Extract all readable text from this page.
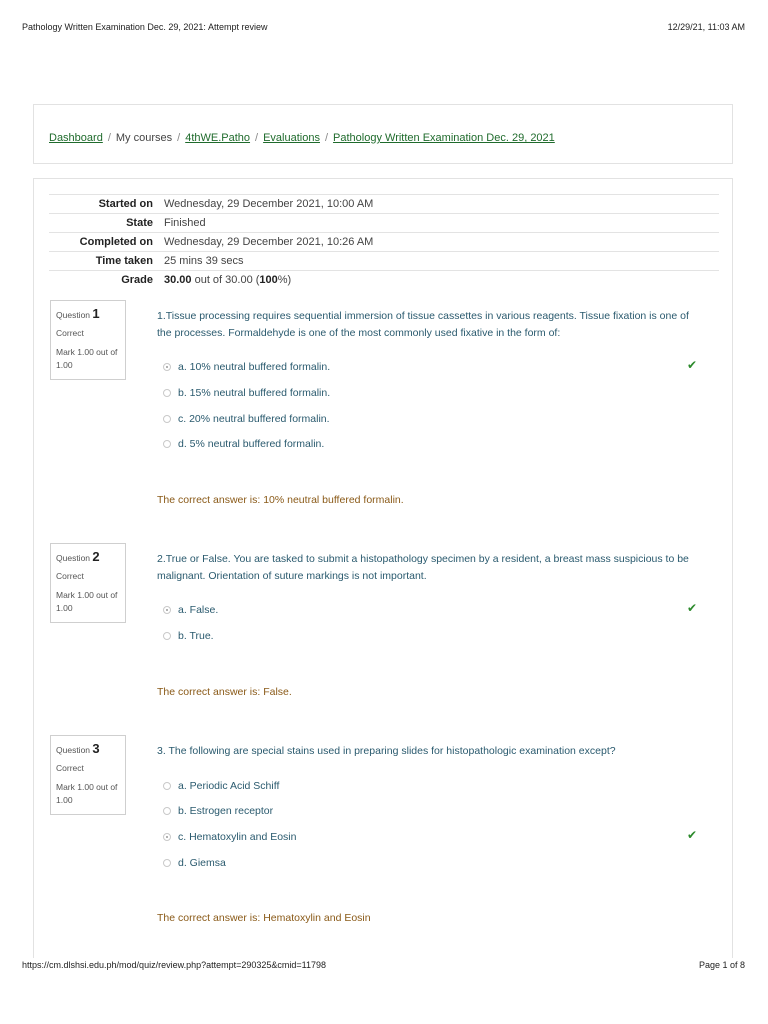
Pathology Written Examination Dec. 29, 2021: Attempt review	12/29/21, 11:03 AM
Dashboard / My courses / 4thWE.Patho / Evaluations / Pathology Written Examination Dec. 29, 2021
Started on	Wednesday, 29 December 2021, 10:00 AM
State	Finished
Completed on	Wednesday, 29 December 2021, 10:26 AM
Time taken	25 mins 39 secs
Grade	30.00 out of 30.00 (100%)
Question 1
Correct
Mark 1.00 out of 1.00
1.Tissue processing requires sequential immersion of tissue cassettes in various reagents. Tissue fixation is one of the processes. Formaldehyde is one of the most commonly used fixative in the form of:
a. 10% neutral buffered formalin.	✔
b. 15% neutral buffered formalin.
c. 20% neutral buffered formalin.
d. 5% neutral buffered formalin.
The correct answer is: 10% neutral buffered formalin.
Question 2
Correct
Mark 1.00 out of 1.00
2.True or False. You are tasked to submit a histopathology specimen by a resident, a breast mass suspicious to be malignant. Orientation of suture markings is not important.
a. False.	✔
b. True.
The correct answer is: False.
Question 3
Correct
Mark 1.00 out of 1.00
3. The following are special stains used in preparing slides for histopathologic examination except?
a. Periodic Acid Schiff
b. Estrogen receptor
c. Hematoxylin and Eosin	✔
d. Giemsa
The correct answer is: Hematoxylin and Eosin
https://cm.dlshsi.edu.ph/mod/quiz/review.php?attempt=290325&cmid=11798	Page 1 of 8
